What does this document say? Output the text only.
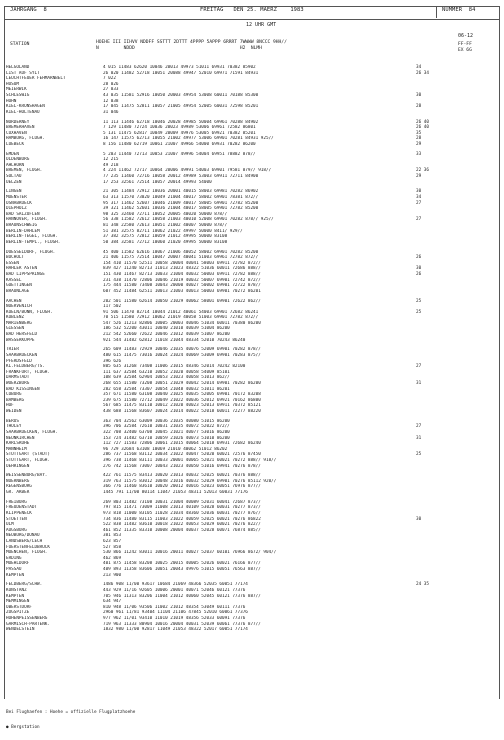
JAHRGANG  8	FREITAG   DEN 25. MAERZ    1983	NUMMER  84
12 UHR GMT
06-12
STATION	HOEHE III IIHVV NDDFF SSTTT 2DTTT 4PPPP 5APPP 6RRRT 7WWWW 8NCCC 9HH//
N         NDDD                                      H2  NLMH
FF-FF
EX 6G
HELGOLAND	4 015 11483 62620 10046 20013 49973 51011 69931 70382 85902	34
LIST AUF SYLT	26 020 11482 52718 10051 20088 49947 52010 69971 71591 84931	26 34
LEUCHTFEUER FEHMARNBELT	7 022
HUSUM	28 026
MEIERWIK	27 033
SCHLESWIG	43 035 11581 52916 10050 20003 49954 53008 60011 70188 85300	30
HOHN	12 038
KIEL-KRONSHAGEN	17 045 11475 52811 10057 21005 49954 52005 60031 72598 85201	28
KIEL-HOLTENAU	31 046
NORDERNEY	11 113 11446 62718 10046 20028 49985 50004 69961 70288 84902	26 40
BREMERHAVEN	7 129 11480 72724 10036 20023 49989 53006 69961 72582 86801	26 40
CUXHAVEN	5 131 11475 62817 10049 20009 49976 53005 69921 70382 85201	35
HAMBURG, FLUGH.	16 147 11575 62713 10055 21002 49977 53006 69901 70281 84931 925//	28
LUEBECK	8 156 11480 62719 10061 21007 49966 54000 69931 70282 86200	29
EMDEN	5 203 11440 72713 10053 21007 49996 54004 69951 78882 878//	33
OLDENBURG	12 215
AHLHORN	49 218
BREMEN, FLUGH.	4 224 11462 72717 10064 20006 49991 54003 69901 79581 879// 918//	22 36
SOLTAU	77 235 11460 72716 10058 20012 49989 53003 69911 72711 84900	29
UELZEN	17 253 32561 72514 10057 20014 49993 54000
LINGEN	21 305 11484 72912 10036 20001 40015 58003 69981 70282 86902	30
MUENSTER	63 313 11570 73020 10049 21004 40017 58002 69901 78381 872//	34
OSNABRUECK	95 317 11462 52607 10046 21009 40017 58005 69901 72782 85200	27
DIEPHOLZ	39 321 11462 52601 10036 21004 40017 58005 69901 72782 85200
BAD SALZUFLEN	98 325 32460 72711 10052 20005 40020 50000 878//
HANNOVER, FLUGH.	56 338 11582 72612 10058 21003 40010 52008 69901 70282 878// 925//	27
BRAUNSCHWEIG	81 348 22580 72613 10051 21002 40007 50000 878//
BERLIN-DAHLEM	51 381 32575 82711 10062 21022 49997 50000 8411/ 929//
BERLIN-TEGEL, FLUGH.	37 382 32575 72812 10059 21012 49995 50000 83108
BERLIN-TEMPL., FLUGH.	50 384 32581 72712 10060 21020 49995 50000 83108
DUESSELDORF, FLUGH.	45 400 11582 62616 10067 21006 40052 58002 69901 70282 85200
BOCHOLT	21 406 11575 72514 10047 20007 40041 51003 69961 72782 872//	26
ESSEN	154 410 11570 52511 10058 20004 40041 58003 69911 72782 872//
HAHLER ASTEN	839 427 11240 82713 11013 21023 48322 51036 60011 72686 888//	30
BAD LIPPSPRINGE	151 430 11467 82713 10033 21004 40032 50003 69911 72782 888//	26
KASSEL	231 438 11470 72806 10046 21019 40032 50007 69901 72742 872//
GOETTINGEN	175 444 11580 73408 10043 20000 40027 50002 69901 72722 878//
BRAUNLAGE	607 452 11484 62511 10013 21003 40013 50003 69901 70272 86201
AACHEN	202 501 11580 62614 10050 21029 40062 58001 69901 72622 862//	25
NOERVENICH	117 502
KOELN/BONN, FLUGH.	91 506 11470 82714 10044 21012 40061 54003 69901 72682 86241	25
KOBLENZ	70 515 11580 72912 10062 21019 40058 51003 69901 72782 872//
MARIENBERG	547 526 11213 82806 10005 20003 40046 51034 60011 70380 86200
GIESSEN	186 532 52200 43011 10040 21010 40039 51004 86200
BAD HERSFELD	212 542 52660 72622 10046 21012 40039 51007 86200
WASSERKUPPE	921 544 31482 62812 11018 21044 48334 52010 70243 86240
TRIER	265 609 11483 72929 10046 21035 40076 52009 69901 70282 878//
SAARBRUECKEN	480 615 11475 73016 10024 21024 40069 53009 69901 70283 875//
PFERDSFELD	396 626
KL.FELDBERG/TS.	805 635 31268 73408 11006 21015 48346 52014 70242 82100	27
FRANKFURT, FLUGH.	111 637 32584 63210 10052 21020 40058 54009 85101
DARMSTADT	108 639 32584 62904 10053 21023 40058 51013 862//
WUERZBURG	268 655 11580 73208 10051 21029 40042 52014 69901 70282 86200	31
BAD KISSINGEN	282 658 32584 73307 10054 21048 40032 51011 86201
COBURG	357 671 11580 63108 10040 21025 40035 52005 69901 70172 83208
BAMBERG	239 675 11580 72712 10049 21022 40036 52012 69921 70162 86800
HOF	567 685 11475 83110 10012 21020 40023 52013 69911 70372 85121
WEIDEN	438 688 11568 83607 10024 21014 40022 52018 60011 72277 88220
BERUS	363 704 32562 63009 10036 21035 40080 51015 86200
THOLEY	396 706 32584 72610 10031 21035 40072 52022 872//	27
SAARBRUECKEN, FLUGH.	322 708 32400 63708 10045 21021 40077 53016 86200
NEUNKIRCHEN	153 724 31482 63710 10059 21026 40073 51010 86200	31
KARLSRUHE	112 727 11583 72806 10061 21015 40064 52018 69931 72682 86240
MANNHEIM	96 729 32684 63108 10069 21010 40062 51012 86202
STUTTGART (STADT)	286 737 11568 83112 10034 21022 40047 52020 60021 72576 87450	25
STUTTGART, FLUGH.	396 738 11468 83111 10033 20001 40065 52021 60021 70272 888// 918//
OEHRINGEN	276 742 11568 73007 10043 21023 40050 51016 69941 70276 878//
WEISSENBURG/BAY.	422 761 11575 83413 10020 21013 40032 52025 60021 70376 888//
NUERNBERG	319 763 11575 83012 10048 21016 40032 52029 69901 70276 85112 920//
REGENSBURG	366 776 11460 83610 10020 20012 40016 52023 60051 76976 877//
GR. ARBER	1445 791 11/00 80114 11047 21053 48311 52013 60031 77176
FREIBURG	269 803 11482 73108 10031 21004 40089 52031 60041 72687 873//
FREUDENSTADT	797 815 11471 73009 11008 21013 40109 53028 60031 70277 873//
KLIPPENECK	973 818 11000 83105 11028 21034 48360 52036 60031 70277 876//
STOETTEN	734 836 11480 83115 11003 21022 40059 52025 60021 70276 86822	30
ULM	522 838 11482 83610 10018 21022 40053 52029 60021 70276 822//
AUGSBURG	461 852 11335 83310 10008 20004 40037 52028 60071 76874 885//
NEUBURG/DONAU	381 853
LANDSBERG/LECH	623 857
FUERSTENFELDBRUCK	527 858
MUENCHEN, FLUGH.	530 866 11242 83011 10016 20011 40027 52037 60101 76966 8672/ 904//
ERDING	462 869
MUEHLDORF	401 875 11458 83208 10025 20015 40005 52026 60021 76166 877//
PASSAU	409 893 11358 83606 10051 20043 49976 51015 60051 76563 887//
KEMPTEN	213 900
FELDBERG/SCHW.	1486 908 11/00 93617 10684 21069 48366 52035 60051 77174	24 35
KONSTANZ	443 929 11/16 92605 10006 20001 40071 52046 60121 77376
KEMPTEN	705 946 11313 83206 11004 21012 40060 52045 60121 77376 887//
MEMMINGEN	634 947
OBERSTDORF	810 948 11/06 93506 11002 21012 48354 53049 60111 77376
ZUGSPITZE	2960 961 11/81 93404 11104 21106 47845 52010 60061 77376
HOHENPEISSENBERG	977 962 11/01 93410 11010 21019 48356 52033 60091 77376
GARMISCH-PARTENK.	719 963 11333 80904 10016 20004 40031 52039 60061 77376 877//
WENDELSTEIN	1832 980 11/00 92817 11049 21053 48322 52017 60051 77174

Bei Flughaefen : Hoehe = offizielle Flugplatzhoehe

● Bergstation
